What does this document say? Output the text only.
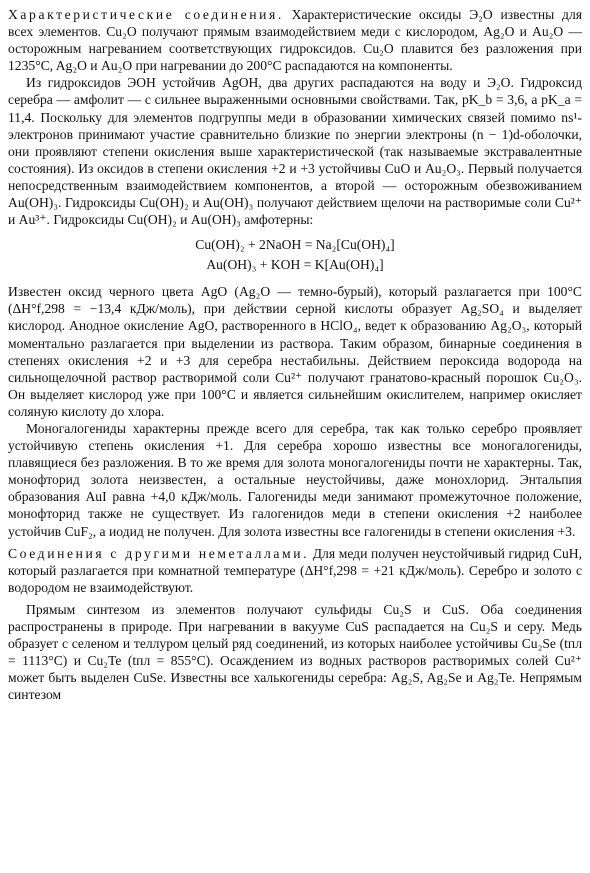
Характеристические соединения. Характеристические оксиды Э₂O известны для всех элементов. Cu₂O получают прямым взаимодействием меди с кислородом, Ag₂O и Au₂O — осторожным нагреванием соответствующих гидроксидов. Cu₂O плавится без разложения при 1235°C, Ag₂O и Au₂O при нагревании до 200°C распадаются на компоненты.

Из гидроксидов ЭOH устойчив AgOH, два других распадаются на воду и Э₂O. Гидроксид серебра — амфолит — с сильнее выраженными основными свойствами. Так, pK_b = 3,6, а pK_a = 11,4. Поскольку для элементов подгруппы меди в образовании химических связей помимо ns¹-электронов принимают участие сравнительно близкие по энергии электроны (n − 1)d-оболочки, они проявляют степени окисления выше характеристической (так называемые экстравалентные состояния). Из оксидов в степени окисления +2 и +3 устойчивы CuO и Au₂O₃. Первый получается непосредственным взаимодействием компонентов, а второй — осторожным обезвоживанием Au(OH)₃. Гидроксиды Cu(OH)₂ и Au(OH)₃ получают действием щелочи на растворимые соли Cu²⁺ и Au³⁺. Гидроксиды Cu(OH)₂ и Au(OH)₃ амфотерны:

Cu(OH)₂ + 2NaOH = Na₂[Cu(OH)₄]
Au(OH)₃ + KOH = K[Au(OH)₄]

Известен оксид черного цвета AgO (Ag₂O — темно-бурый), который разлагается при 100°C (ΔH°f,298 = −13,4 кДж/моль), при действии серной кислоты образует Ag₂SO₄ и выделяет кислород. Анодное окисление AgO, растворенного в HClO₄, ведет к образованию Ag₂O₃, который моментально разлагается при выделении из раствора. Таким образом, бинарные соединения в степенях окисления +2 и +3 для серебра нестабильны. Действием пероксида водорода на сильнощелочной раствор растворимой соли Cu²⁺ получают гранатово-красный порошок Cu₂O₃. Он выделяет кислород уже при 100°C и является сильнейшим окислителем, например окисляет соляную кислоту до хлора.

Моногалогениды характерны прежде всего для серебра, так как только серебро проявляет устойчивую степень окисления +1. Для серебра хорошо известны все моногалогениды, плавящиеся без разложения. В то же время для золота моногалогениды почти не характерны. Так, монофторид золота неизвестен, а остальные неустойчивы, даже монохлорид. Энтальпия образования AuI равна +4,0 кДж/моль. Галогениды меди занимают промежуточное положение, монофторид также не существует. Из галогенидов меди в степени окисления +2 наиболее устойчив CuF₂, а иодид не получен. Для золота известны все галогениды в степени окисления +3.

Соединения с другими неметаллами. Для меди получен неустойчивый гидрид CuH, который разлагается при комнатной температуре (ΔH°f,298 = +21 кДж/моль). Серебро и золото с водородом не взаимодействуют.

Прямым синтезом из элементов получают сульфиды Cu₂S и CuS. Оба соединения распространены в природе. При нагревании в вакууме CuS распадается на Cu₂S и серу. Медь образует с селеном и теллуром целый ряд соединений, из которых наиболее устойчивы Cu₂Se (tпл = 1113°C) и Cu₂Te (tпл = 855°C). Осаждением из водных растворов растворимых солей Cu²⁺ может быть выделен CuSe. Известны все халькогениды серебра: Ag₂S, Ag₂Se и Ag₂Te. Непрямым синтезом
